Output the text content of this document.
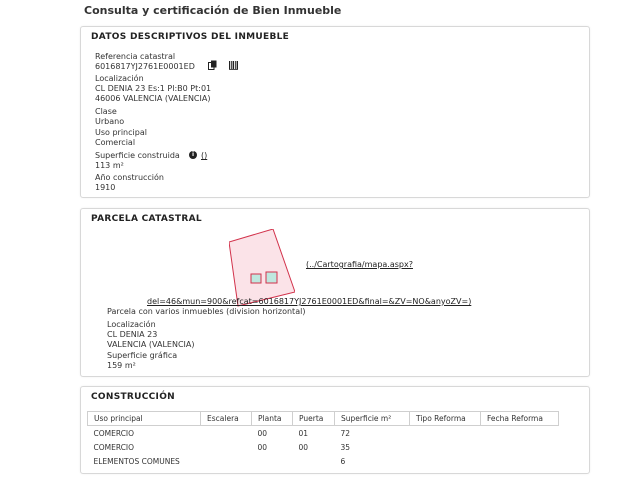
Consulta y certificación de Bien Inmueble
DATOS DESCRIPTIVOS DEL INMUEBLE
Referencia catastral
6016817YJ2761E0001ED
Localización
CL DENIA 23 Es:1 Pl:B0 Pt:01
46006 VALENCIA (VALENCIA)
Clase
Urbano
Uso principal
Comercial
Superficie construida	i ()
113 m²
Año construcción
1910
PARCELA CATASTRAL
(../Cartografia/mapa.aspx?
del=46&mun=900&refcat=6016817YJ2761E0001ED&final=&ZV=NO&anyoZV=)
Parcela con varios inmuebles (division horizontal)
Localización
CL DENIA 23
VALENCIA (VALENCIA)
Superficie gráfica
159 m²
CONSTRUCCIÓN
Uso principal	Escalera	Planta	Puerta	Superficie m²	Tipo Reforma	Fecha Reforma
COMERCIO		00	01	72		
COMERCIO		00	00	35		
ELEMENTOS COMUNES				6		
